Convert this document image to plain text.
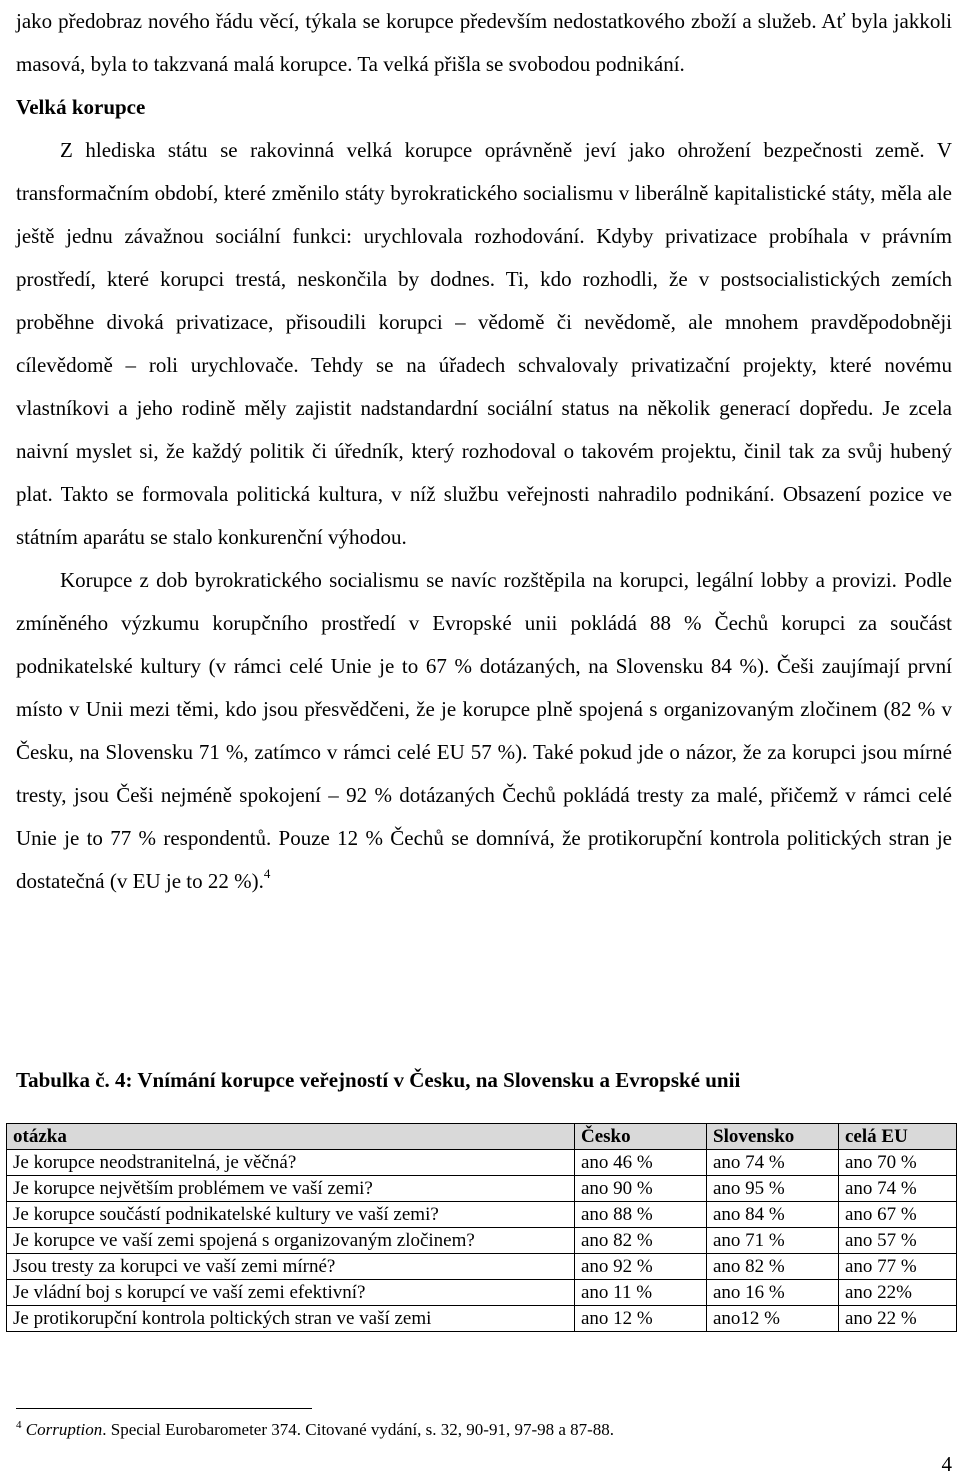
jako předobraz nového řádu věcí, týkala se korupce především nedostatkového zboží a služeb. Ať byla jakkoli masová, byla to takzvaná malá korupce. Ta velká přišla se svobodou podnikání.

Velká korupce

Z hlediska státu se rakovinná velká korupce oprávněně jeví jako ohrožení bezpečnosti země. V transformačním období, které změnilo státy byrokratického socialismu v liberálně kapitalistické státy, měla ale ještě jednu závažnou sociální funkci: urychlovala rozhodování. Kdyby privatizace probíhala v právním prostředí, které korupci trestá, neskončila by dodnes. Ti, kdo rozhodli, že v postsocialistických zemích proběhne divoká privatizace, přisoudili korupci – vědomě či nevědomě, ale mnohem pravděpodobněji cílevědomě – roli urychlovače. Tehdy se na úřadech schvalovaly privatizační projekty, které novému vlastníkovi a jeho rodině měly zajistit nadstandardní sociální status na několik generací dopředu. Je zcela naivní myslet si, že každý politik či úředník, který rozhodoval o takovém projektu, činil tak za svůj hubený plat. Takto se formovala politická kultura, v níž službu veřejnosti nahradilo podnikání. Obsazení pozice ve státním aparátu se stalo konkurenční výhodou.

Korupce z dob byrokratického socialismu se navíc rozštěpila na korupci, legální lobby a provizi. Podle zmíněného výzkumu korupčního prostředí v Evropské unii pokládá 88 % Čechů korupci za součást podnikatelské kultury (v rámci celé Unie je to 67 % dotázaných, na Slovensku 84 %). Češi zaujímají první místo v Unii mezi těmi, kdo jsou přesvědčeni, že je korupce plně spojená s organizovaným zločinem (82 % v Česku, na Slovensku 71 %, zatímco v rámci celé EU 57 %). Také pokud jde o názor, že za korupci jsou mírné tresty, jsou Češi nejméně spokojení – 92 % dotázaných Čechů pokládá tresty za malé, přičemž v rámci celé Unie je to 77 % respondentů. Pouze 12 % Čechů se domnívá, že protikorupční kontrola politických stran je dostatečná (v EU je to 22 %).$^4$

Tabulka č. 4: Vnímání korupce veřejností v Česku, na Slovensku a Evropské unii
otázka	Česko	Slovensko	celá EU
Je korupce neodstranitelná, je věčná?	ano 46 %	ano 74 %	ano 70 %
Je korupce největším problémem ve vaší zemi?	ano 90 %	ano 95 %	ano 74 %
Je korupce součástí podnikatelské kultury ve vaší zemi?	ano 88 %	ano 84 %	ano 67 %
Je korupce ve vaší zemi spojená s organizovaným zločinem?	ano 82 %	ano 71 %	ano 57 %
Jsou tresty za korupci ve vaší zemi mírné?	ano 92 %	ano 82 %	ano 77 %
Je vládní boj s korupcí ve vaší zemi efektivní?	ano 11 %	ano 16 %	ano 22%
Je protikorupční kontrola poltických stran ve vaší zemi	ano 12 %	ano12 %	ano 22 %
$^4$ Corruption. Special Eurobarometer 374. Citované vydání, s. 32, 90-91, 97-98 a 87-88.
4
